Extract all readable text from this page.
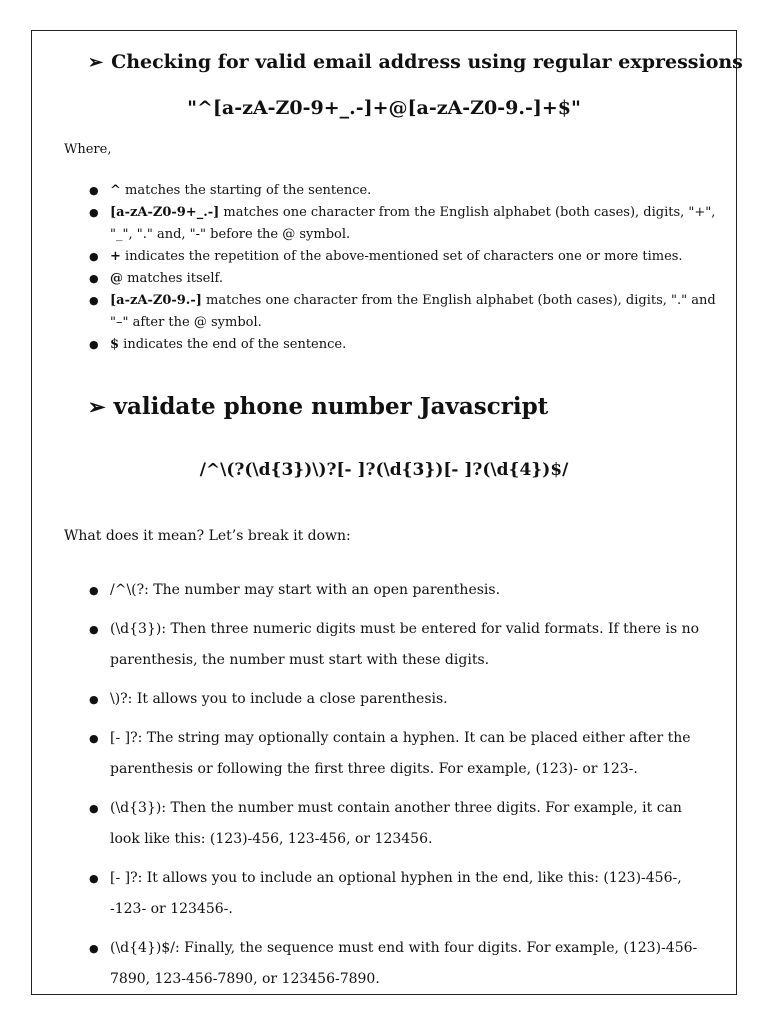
➢ Checking for valid email address using regular expressions
"^[a-zA-Z0-9+_.-]+@[a-zA-Z0-9.-]+$"
Where,
● ^ matches the starting of the sentence.
● [a-zA-Z0-9+_.-] matches one character from the English alphabet (both cases), digits, "+", "_", "." and, "-" before the @ symbol.
● + indicates the repetition of the above-mentioned set of characters one or more times.
● @ matches itself.
● [a-zA-Z0-9.-] matches one character from the English alphabet (both cases), digits, "." and "–" after the @ symbol.
● $ indicates the end of the sentence.
➢ validate phone number Javascript
/^\(?(\d{3})\)?[- ]?(\d{3})[- ]?(\d{4})$/
What does it mean? Let’s break it down:
● /^\(?: The number may start with an open parenthesis.
● (\d{3}): Then three numeric digits must be entered for valid formats. If there is no parenthesis, the number must start with these digits.
● \)?: It allows you to include a close parenthesis.
● [- ]?: The string may optionally contain a hyphen. It can be placed either after the parenthesis or following the first three digits. For example, (123)- or 123-.
● (\d{3}): Then the number must contain another three digits. For example, it can look like this: (123)-456, 123-456, or 123456.
● [- ]?: It allows you to include an optional hyphen in the end, like this: (123)-456-, -123- or 123456-.
● (\d{4})$/: Finally, the sequence must end with four digits. For example, (123)-456-7890, 123-456-7890, or 123456-7890.
